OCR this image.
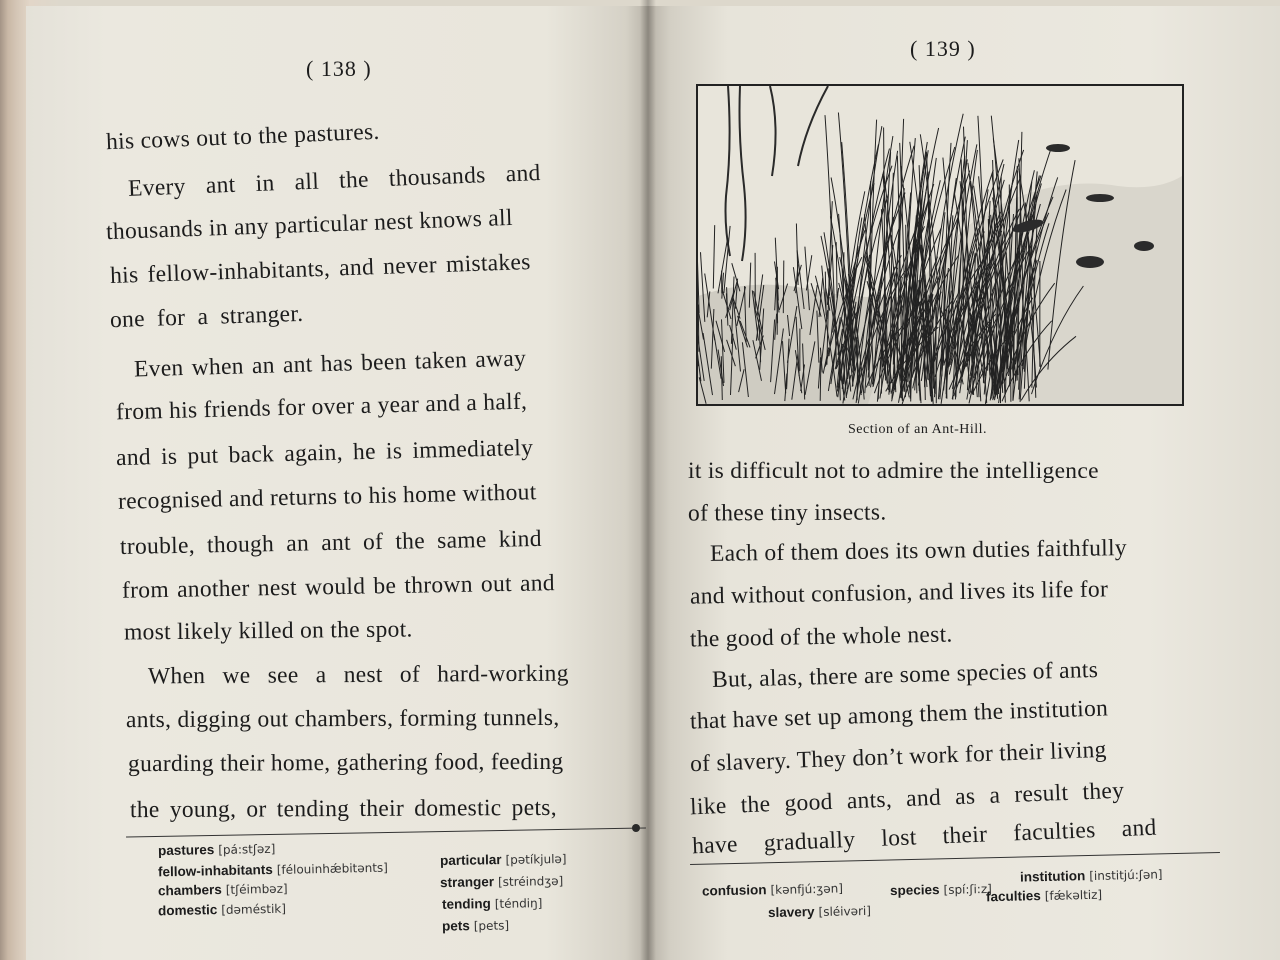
( 138 )
his cows out to the pastures.
Every ant in all the thousands and
thousands in any particular nest knows all
his fellow-inhabitants, and never mistakes
one for a stranger.
Even when an ant has been taken away
from his friends for over a year and a half,
and is put back again, he is immediately
recognised and returns to his home without
trouble, though an ant of the same kind
from another nest would be thrown out and
most likely killed on the spot.
When we see a nest of hard-working
ants, digging out chambers, forming tunnels,
guarding their home, gathering food, feeding
the young, or tending their domestic pets,
pastures [pá:stʃəz]
fellow-inhabitants [félouinhǽbitənts]
chambers [tʃéimbəz]
domestic [dəméstik]
particular [pətíkjulə]
stranger [stréindʒə]
tending [téndiŋ]
pets [pets]
( 139 )
Section of an Ant-Hill.
it is difficult not to admire the intelligence
of these tiny insects.
Each of them does its own duties faithfully
and without confusion, and lives its life for
the good of the whole nest.
But, alas, there are some species of ants
that have set up among them the institution
of slavery. They don’t work for their living
like the good ants, and as a result they
have gradually lost their faculties and
confusion [kənfjú:ʒən]	species [spí:ʃi:z]
institution [institjú:ʃən]
slavery [sléivəri]
faculties [fǽkəltiz]
